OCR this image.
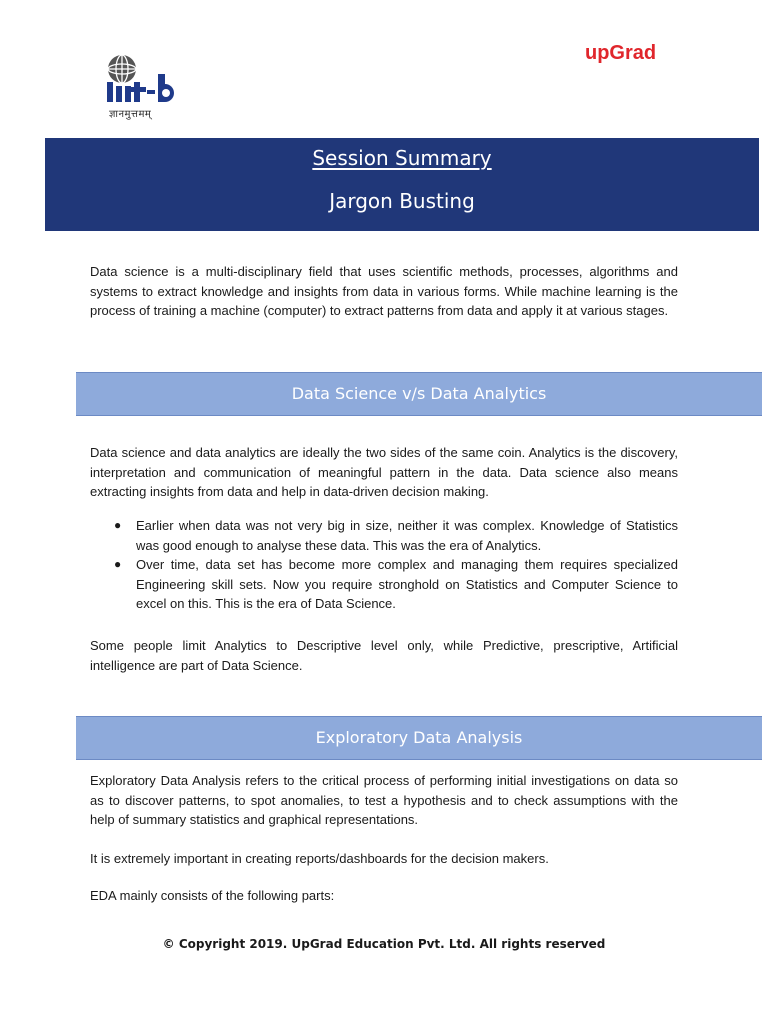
ज्ञानमुत्तमम्
upGrad
Session Summary
Jargon Busting

Data science is a multi-disciplinary field that uses scientific methods, processes, algorithms and systems to extract knowledge and insights from data in various forms. While machine learning is the process of training a machine (computer) to extract patterns from data and apply it at various stages.

Data Science v/s Data Analytics

Data science and data analytics are ideally the two sides of the same coin. Analytics is the discovery, interpretation and communication of meaningful pattern in the data. Data science also means extracting insights from data and help in data-driven decision making.

● Earlier when data was not very big in size, neither it was complex. Knowledge of Statistics was good enough to analyse these data. This was the era of Analytics.
● Over time, data set has become more complex and managing them requires specialized Engineering skill sets. Now you require stronghold on Statistics and Computer Science to excel on this. This is the era of Data Science.

Some people limit Analytics to Descriptive level only, while Predictive, prescriptive, Artificial intelligence are part of Data Science.

Exploratory Data Analysis

Exploratory Data Analysis refers to the critical process of performing initial investigations on data so as to discover patterns, to spot anomalies, to test a hypothesis and to check assumptions with the help of summary statistics and graphical representations.

It is extremely important in creating reports/dashboards for the decision makers.

EDA mainly consists of the following parts:

© Copyright 2019. UpGrad Education Pvt. Ltd. All rights reserved
